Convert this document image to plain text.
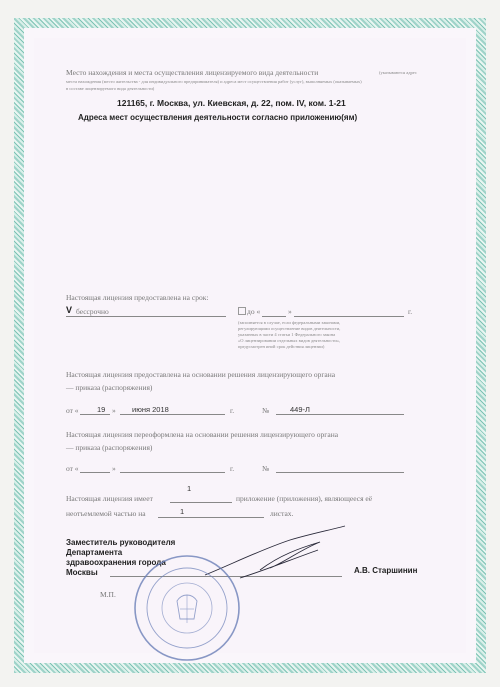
Место нахождения и места осуществления лицензируемого вида деятельности	(указываются адрес
места нахождения (место жительства - для индивидуального предпринимателя) и адреса мест осуществления работ (услуг), выполняемых (оказываемых)
в составе лицензируемого вида деятельности)
121165, г. Москва, ул. Киевская, д. 22, пом. IV, ком. 1-21
Адреса мест осуществления деятельности согласно приложению(ям)
Настоящая лицензия предоставлена на срок:
V бессрочно	до «	»	г.
(заполняется в случае, если федеральными законами,
регулирующими осуществление видов деятельности,
указанных в части 4 статьи 1 Федерального закона
«О лицензировании отдельных видов деятельности»,
предусмотрен иной срок действия лицензии)
Настоящая лицензия предоставлена на основании решения лицензирующего органа
— приказа (распоряжения)
от « 19 » июня 2018	г.	№	449-Л
Настоящая лицензия переоформлена на основании решения лицензирующего органа
— приказа (распоряжения)
от «	»	г.	№
Настоящая лицензия имеет
1
приложение (приложения), являющееся её
неотъемлемой частью на	1	листах.
Заместитель руководителя
Департамента
здравоохранения города
Москвы	А.В. Старшинин
М.П.
